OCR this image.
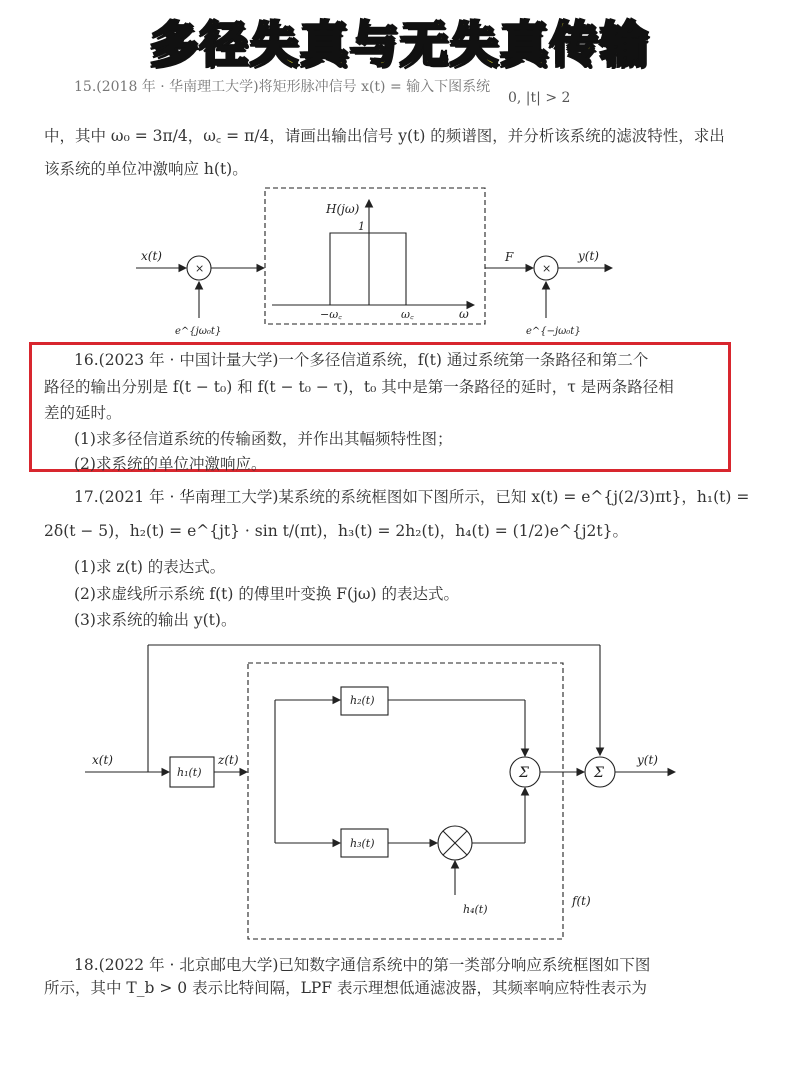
多径失真与无失真传输
15.(2018 年 · 华南理工大学)将矩形脉冲信号 x(t) = 输入下图系统
0, |t| > 2
中，其中 ω₀ = 3π/4，ω꜀ = π/4，请画出输出信号 y(t) 的频谱图，并分析该系统的滤波特性，求出
该系统的单位冲激响应 h(t)。
x(t)
×	×
H(jω)
1
−ω꜀	ω꜀	ω
F	y(t)
e^{jω₀t}	e^{−jω₀t}
x(t)
h₁(t)
z(t)
h₂(t)
h₃(t)
h₄(t)
Σ	Σ
y(t)
f(t)
16.(2023 年 · 中国计量大学)一个多径信道系统，f(t) 通过系统第一条路径和第二个
路径的输出分别是 f(t − t₀) 和 f(t − t₀ − τ)，t₀ 其中是第一条路径的延时，τ 是两条路径相
差的延时。
(1)求多径信道系统的传输函数，并作出其幅频特性图；
(2)求系统的单位冲激响应。
17.(2021 年 · 华南理工大学)某系统的系统框图如下图所示，已知 x(t) = e^{j(2/3)πt}，h₁(t) =
2δ(t − 5)，h₂(t) = e^{jt} · sin t/(πt)，h₃(t) = 2h₂(t)，h₄(t) = (1/2)e^{j2t}。
(1)求 z(t) 的表达式。
(2)求虚线所示系统 f(t) 的傅里叶变换 F(jω) 的表达式。
(3)求系统的输出 y(t)。
18.(2022 年 · 北京邮电大学)已知数字通信系统中的第一类部分响应系统框图如下图
所示，其中 T_b > 0 表示比特间隔，LPF 表示理想低通滤波器，其频率响应特性表示为
